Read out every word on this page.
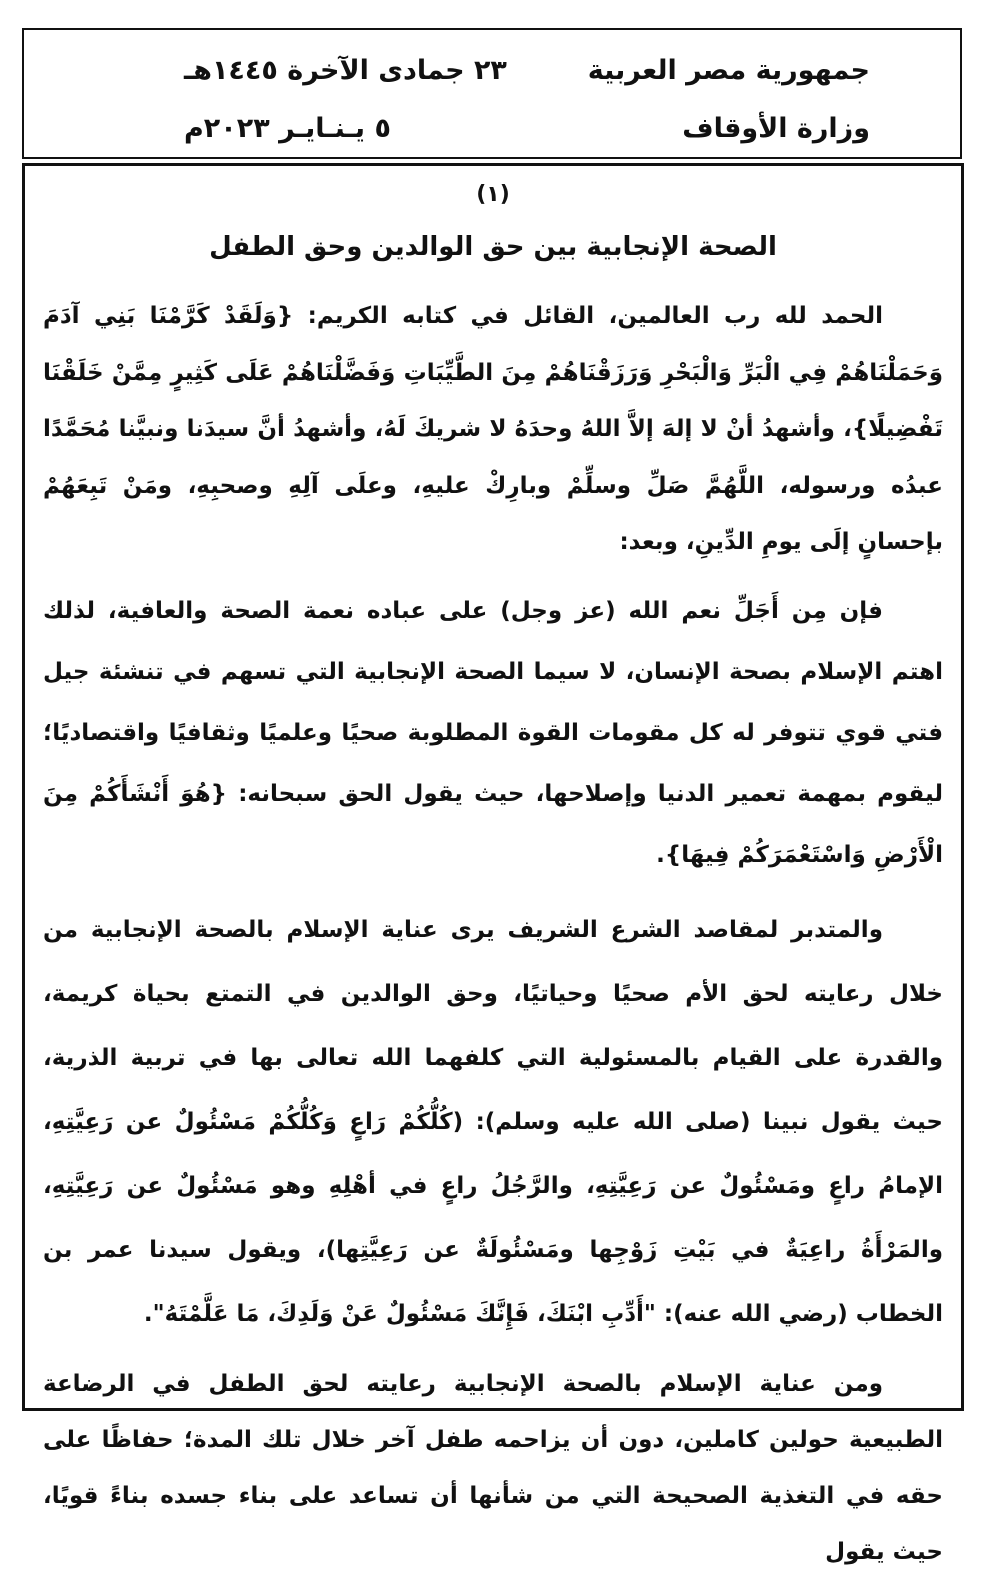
جمهورية مصر العربية
٢٣ جمادى الآخرة ١٤٤٥هـ
وزارة الأوقاف
٥ يـنـايـر ٢٠٢٣م
(١)
الصحة الإنجابية بين حق الوالدين وحق الطفل

الحمد لله رب العالمين، القائل في كتابه الكريم: {وَلَقَدْ كَرَّمْنَا بَنِي آدَمَ وَحَمَلْنَاهُمْ فِي الْبَرِّ وَالْبَحْرِ وَرَزَقْنَاهُمْ مِنَ الطَّيِّبَاتِ وَفَضَّلْنَاهُمْ عَلَى كَثِيرٍ مِمَّنْ خَلَقْنَا تَفْضِيلًا}، وأشهدُ أنْ لا إلهَ إلاَّ اللهُ وحدَهُ لا شريكَ لَهُ، وأشهدُ أنَّ سيدَنا ونبيَّنا مُحَمَّدًا عبدُه ورسوله، اللَّهُمَّ صَلِّ وسلِّمْ وبارِكْ عليهِ، وعلَى آلِهِ وصحبِهِ، ومَنْ تَبِعَهُمْ بإحسانٍ إلَى يومِ الدِّينِ، وبعد:

فإن مِن أَجَلِّ نعم الله (عز وجل) على عباده نعمة الصحة والعافية، لذلك اهتم الإسلام بصحة الإنسان، لا سيما الصحة الإنجابية التي تسهم في تنشئة جيل فتي قوي تتوفر له كل مقومات القوة المطلوبة صحيًا وعلميًا وثقافيًا واقتصاديًا؛ ليقوم بمهمة تعمير الدنيا وإصلاحها، حيث يقول الحق سبحانه: {هُوَ أَنْشَأَكُمْ مِنَ الْأَرْضِ وَاسْتَعْمَرَكُمْ فِيهَا}.

والمتدبر لمقاصد الشرع الشريف يرى عناية الإسلام بالصحة الإنجابية من خلال رعايته لحق الأم صحيًا وحياتيًا، وحق الوالدين في التمتع بحياة كريمة، والقدرة على القيام بالمسئولية التي كلفهما الله تعالى بها في تربية الذرية، حيث يقول نبينا (صلى الله عليه وسلم): (كُلُّكُمْ رَاعٍ وَكُلُّكُمْ مَسْئُولٌ عن رَعِيَّتِهِ، الإمامُ راعٍ ومَسْئُولٌ عن رَعِيَّتِهِ، والرَّجُلُ راعٍ في أهْلِهِ وهو مَسْئُولٌ عن رَعِيَّتِهِ، والمَرْأَةُ راعِيَةٌ في بَيْتِ زَوْجِها ومَسْئُولَةٌ عن رَعِيَّتِها)، ويقول سيدنا عمر بن الخطاب (رضي الله عنه): "أَدِّبِ ابْنَكَ، فَإِنَّكَ مَسْئُولٌ عَنْ وَلَدِكَ، مَا عَلَّمْتَهُ".

ومن عناية الإسلام بالصحة الإنجابية رعايته لحق الطفل في الرضاعة الطبيعية حولين كاملين، دون أن يزاحمه طفل آخر خلال تلك المدة؛ حفاظًا على حقه في التغذية الصحيحة التي من شأنها أن تساعد على بناء جسده بناءً قويًا، حيث يقول
